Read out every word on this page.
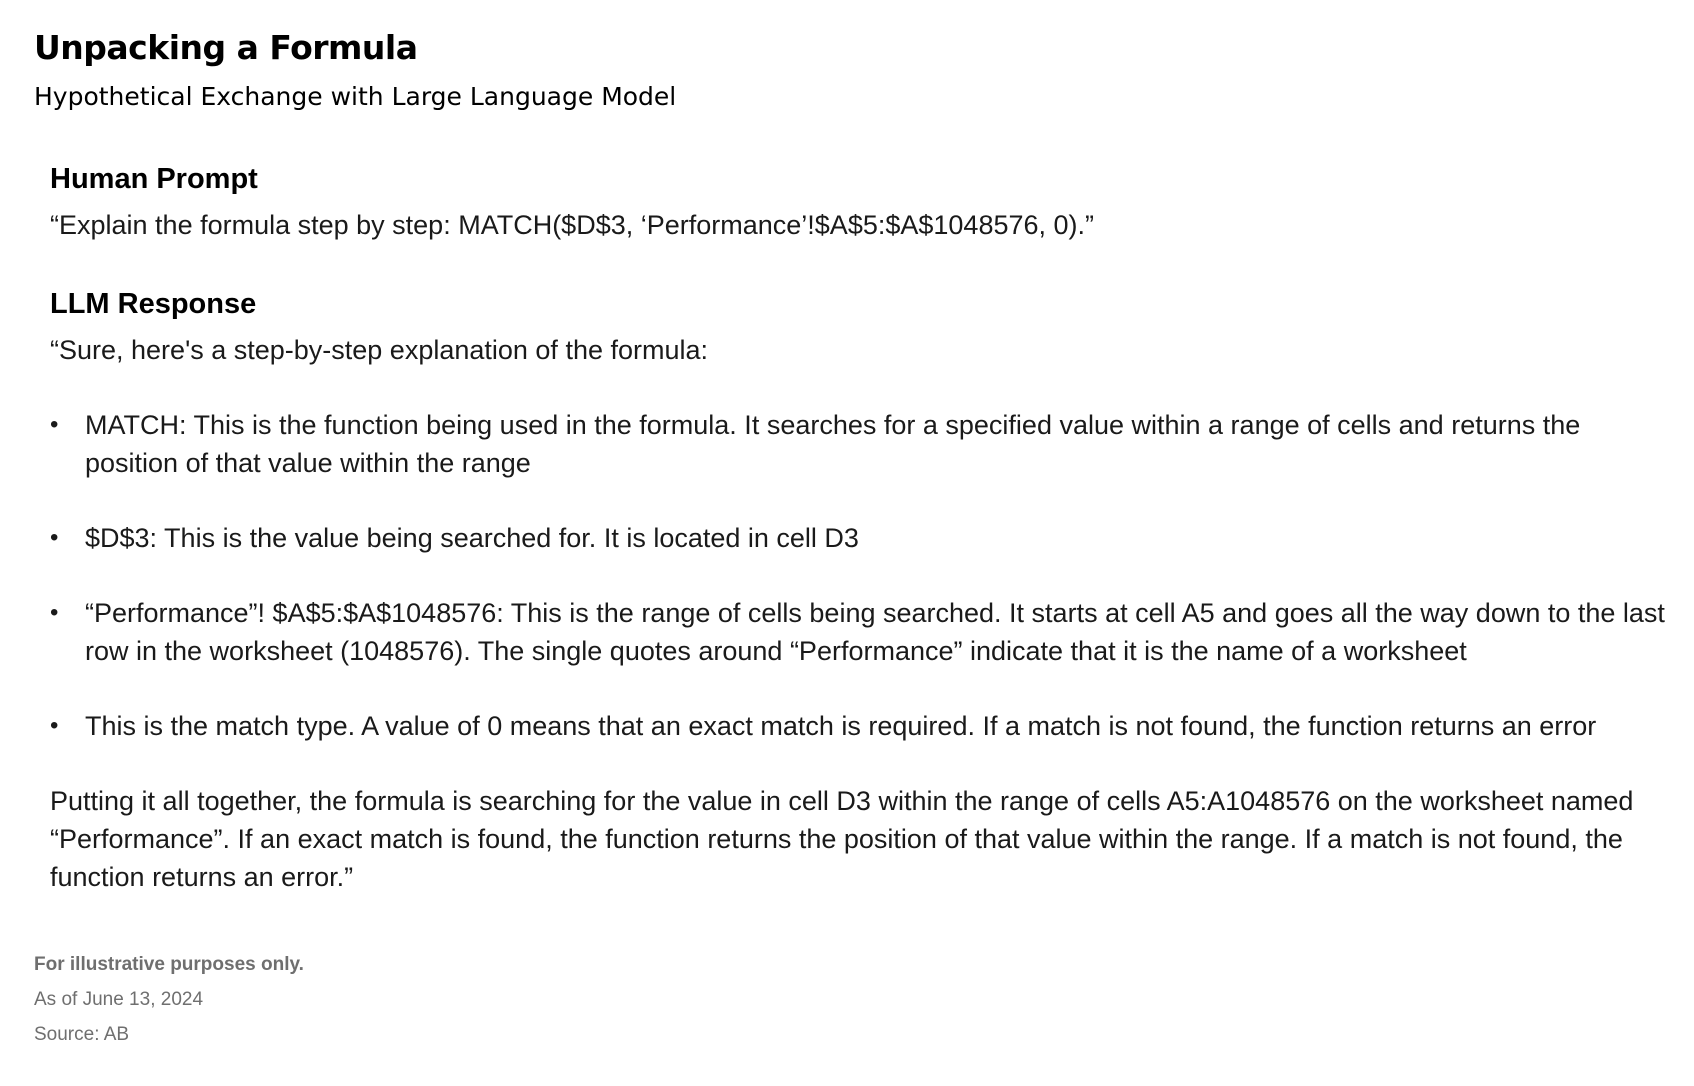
Unpacking a Formula

Hypothetical Exchange with Large Language Model

Human Prompt

“Explain the formula step by step: MATCH($D$3, ‘Performance’!$A$5:$A$1048576, 0).”

LLM Response

“Sure, here's a step-by-step explanation of the formula:

• MATCH: This is the function being used in the formula. It searches for a specified value within a range of cells and returns the position of that value within the range
• $D$3: This is the value being searched for. It is located in cell D3
• “Performance”! $A$5:$A$1048576: This is the range of cells being searched. It starts at cell A5 and goes all the way down to the last row in the worksheet (1048576). The single quotes around “Performance” indicate that it is the name of a worksheet
• This is the match type. A value of 0 means that an exact match is required. If a match is not found, the function returns an error

Putting it all together, the formula is searching for the value in cell D3 within the range of cells A5:A1048576 on the worksheet named “Performance”. If an exact match is found, the function returns the position of that value within the range. If a match is not found, the function returns an error.”

For illustrative purposes only.

As of June 13, 2024

Source: AB
